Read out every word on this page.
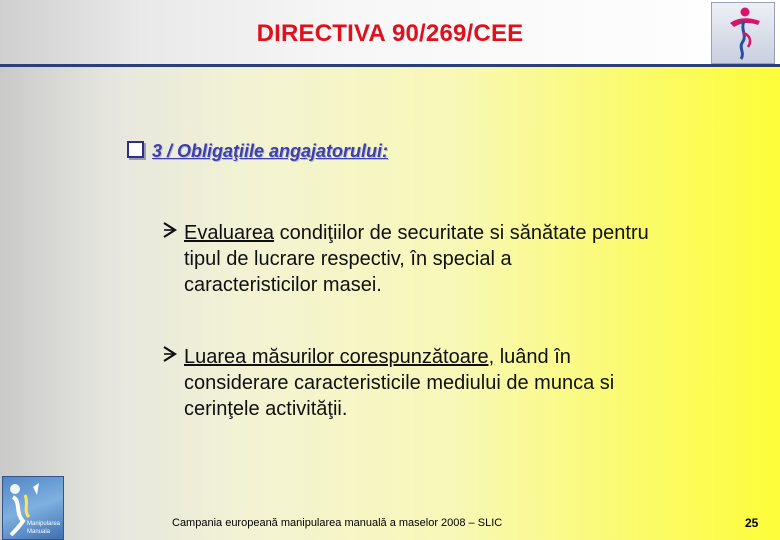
DIRECTIVA 90/269/CEE
3 / Obligaţiile angajatorului:
Evaluarea condiţiilor de securitate si sănătate pentru
tipul de lucrare respectiv, în special a
caracteristicilor masei.
Luarea măsurilor corespunzătoare, luând în
considerare caracteristicile mediului de munca si
cerinţele activităţii.
Manipularea
Manuala
Campania europeană manipularea manuală a maselor 2008 – SLIC	25
